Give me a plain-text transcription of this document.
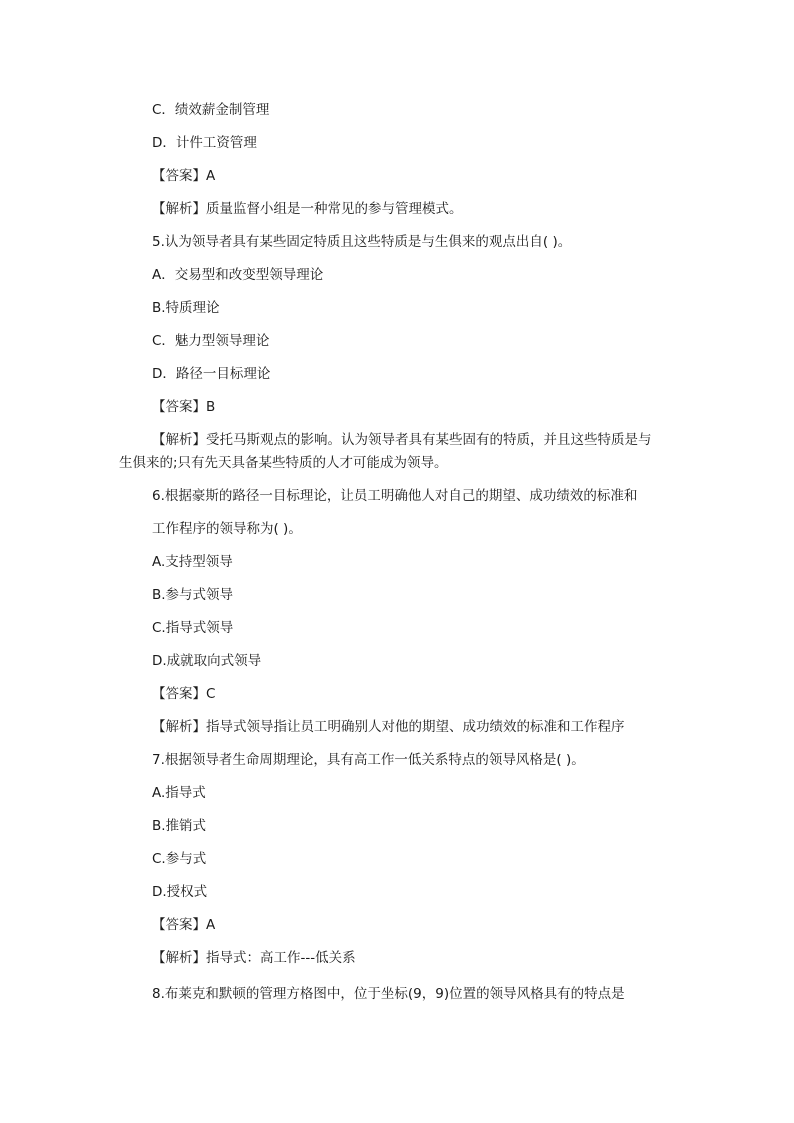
C．绩效薪金制管理
D．计件工资管理
【答案】A
【解析】质量监督小组是一种常见的参与管理模式。
5.认为领导者具有某些固定特质且这些特质是与生俱来的观点出自( )。
A．交易型和改变型领导理论
B.特质理论
C．魅力型领导理论
D．路径一目标理论
【答案】B
【解析】受托马斯观点的影响。认为领导者具有某些固有的特质，并且这些特质是与
生俱来的;只有先天具备某些特质的人才可能成为领导。
6.根据豪斯的路径一目标理论，让员工明确他人对自己的期望、成功绩效的标准和
工作程序的领导称为( )。
A.支持型领导
B.参与式领导
C.指导式领导
D.成就取向式领导
【答案】C
【解析】指导式领导指让员工明确别人对他的期望、成功绩效的标准和工作程序
7.根据领导者生命周期理论，具有高工作一低关系特点的领导风格是( )。
A.指导式
B.推销式
C.参与式
D.授权式
【答案】A
【解析】指导式：高工作---低关系
8.布莱克和默顿的管理方格图中，位于坐标(9，9)位置的领导风格具有的特点是
